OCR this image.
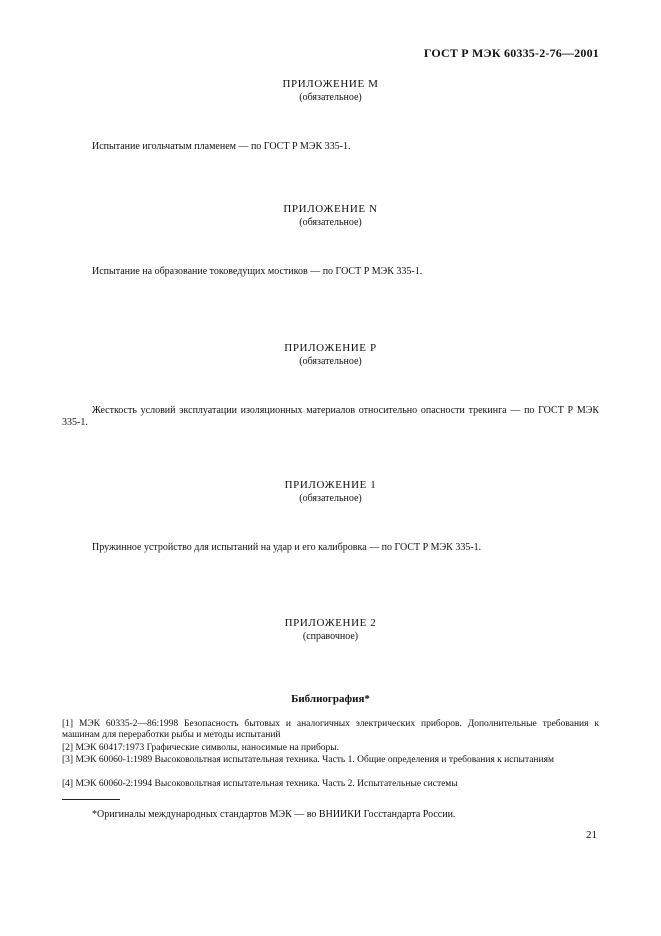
ГОСТ Р МЭК 60335-2-76—2001
ПРИЛОЖЕНИЕ М
(обязательное)
Испытание игольчатым пламенем — по ГОСТ Р МЭК 335-1.
ПРИЛОЖЕНИЕ N
(обязательное)
Испытание на образование токоведущих мостиков — по ГОСТ Р МЭК 335-1.
ПРИЛОЖЕНИЕ Р
(обязательное)
Жесткость условий эксплуатации изоляционных материалов относительно опасности трекинга — по ГОСТ Р МЭК 335-1.
ПРИЛОЖЕНИЕ 1
(обязательное)
Пружинное устройство для испытаний на удар и его калибровка — по ГОСТ Р МЭК 335-1.
ПРИЛОЖЕНИЕ 2
(справочное)
Библиография*
[1] МЭК 60335-2—86:1998 Безопасность бытовых и аналогичных электрических приборов. Дополнительные требования к машинам для переработки рыбы и методы испытаний
[2] МЭК 60417:1973 Графические символы, наносимые на приборы.
[3] МЭК 60060-1:1989 Высоковольтная испытательная техника. Часть 1. Общие определения и требования к испытаниям
[4] МЭК 60060-2:1994 Высоковольтная испытательная техника. Часть 2. Испытательные системы
*Оригиналы международных стандартов МЭК — во ВНИИКИ Госстандарта России.
21
